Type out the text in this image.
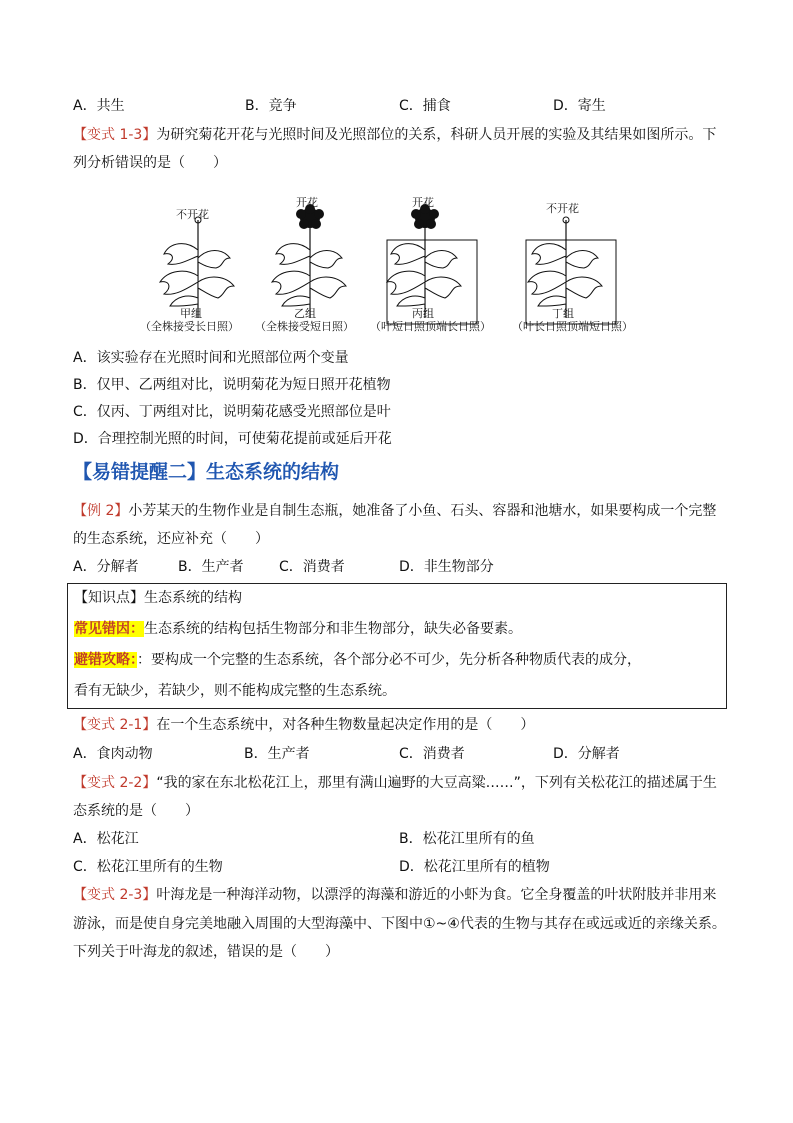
A．共生	B．竞争	C．捕食	D．寄生
【变式 1-3】为研究菊花开花与光照时间及光照部位的关系，科研人员开展的实验及其结果如图所示。下
列分析错误的是（　　）
不开花
开花	开花	不开花
甲组	乙组	丙组	丁组
（全株接受长日照） （全株接受短日照） （叶短日照顶端长日照） （叶长日照顶端短日照）
A．该实验存在光照时间和光照部位两个变量
B．仅甲、乙两组对比，说明菊花为短日照开花植物
C．仅丙、丁两组对比，说明菊花感受光照部位是叶
D．合理控制光照的时间，可使菊花提前或延后开花
【易错提醒二】生态系统的结构
【例 2】小芳某天的生物作业是自制生态瓶，她准备了小鱼、石头、容器和池塘水，如果要构成一个完整
的生态系统，还应补充（　　）
A．分解者	B．生产者	C．消费者	D．非生物部分
【知识点】生态系统的结构
常见错因：生态系统的结构包括生物部分和非生物部分，缺失必备要素。
避错攻略：：要构成一个完整的生态系统，各个部分必不可少，先分析各种物质代表的成分，
看有无缺少，若缺少，则不能构成完整的生态系统。
【变式 2-1】在一个生态系统中，对各种生物数量起决定作用的是（　　）
A．食肉动物	B．生产者	C．消费者	D．分解者
【变式 2-2】“我的家在东北松花江上，那里有满山遍野的大豆高粱……”，下列有关松花江的描述属于生
态系统的是（　　）
A．松花江	B．松花江里所有的鱼
C．松花江里所有的生物	D．松花江里所有的植物
【变式 2-3】叶海龙是一种海洋动物，以漂浮的海藻和游近的小虾为食。它全身覆盖的叶状附肢并非用来
游泳，而是使自身完美地融入周围的大型海藻中、下图中①~④代表的生物与其存在或远或近的亲缘关系。
下列关于叶海龙的叙述，错误的是（　　）
